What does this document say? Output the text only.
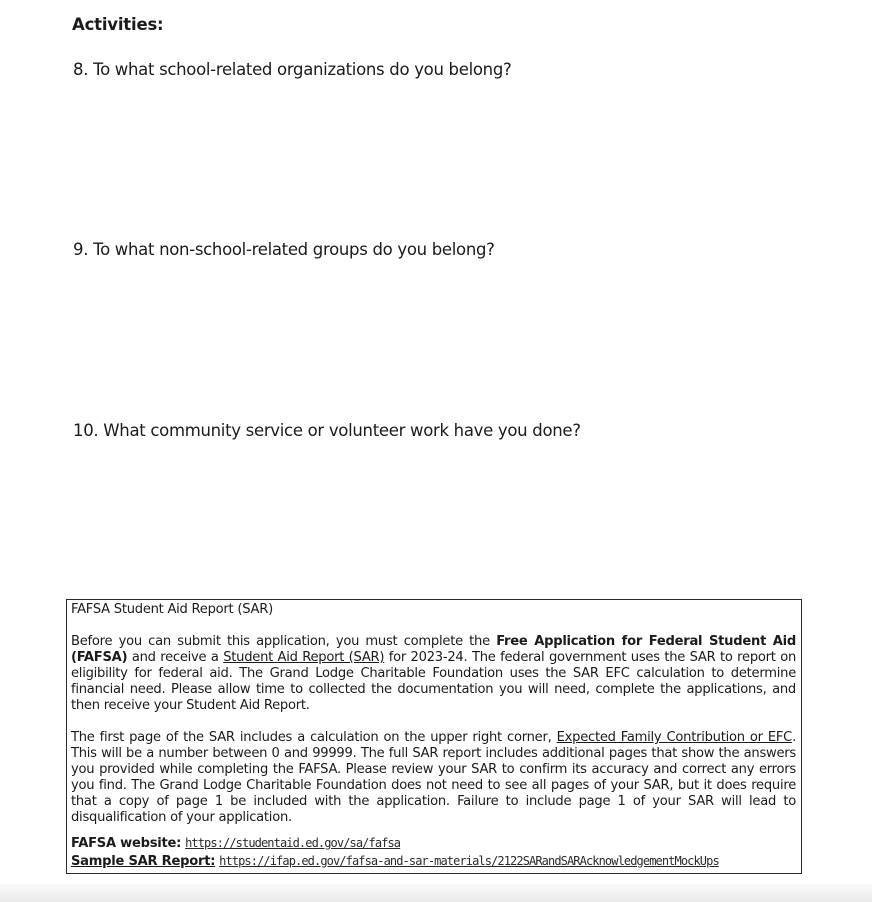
Activities:
8. To what school-related organizations do you belong?
9. To what non-school-related groups do you belong?
10. What community service or volunteer work have you done?
FAFSA Student Aid Report (SAR)
Before you can submit this application, you must complete the Free Application for Federal Student Aid (FAFSA) and receive a Student Aid Report (SAR) for 2023-24. The federal government uses the SAR to report on eligibility for federal aid. The Grand Lodge Charitable Foundation uses the SAR EFC calculation to determine financial need. Please allow time to collected the documentation you will need, complete the applications, and then receive your Student Aid Report.
The first page of the SAR includes a calculation on the upper right corner, Expected Family Contribution or EFC. This will be a number between 0 and 99999. The full SAR report includes additional pages that show the answers you provided while completing the FAFSA. Please review your SAR to confirm its accuracy and correct any errors you find. The Grand Lodge Charitable Foundation does not need to see all pages of your SAR, but it does require that a copy of page 1 be included with the application. Failure to include page 1 of your SAR will lead to disqualification of your application.
FAFSA website: https://studentaid.ed.gov/sa/fafsa
Sample SAR Report: https://ifap.ed.gov/fafsa-and-sar-materials/2122SARandSARAcknowledgementMockUps
